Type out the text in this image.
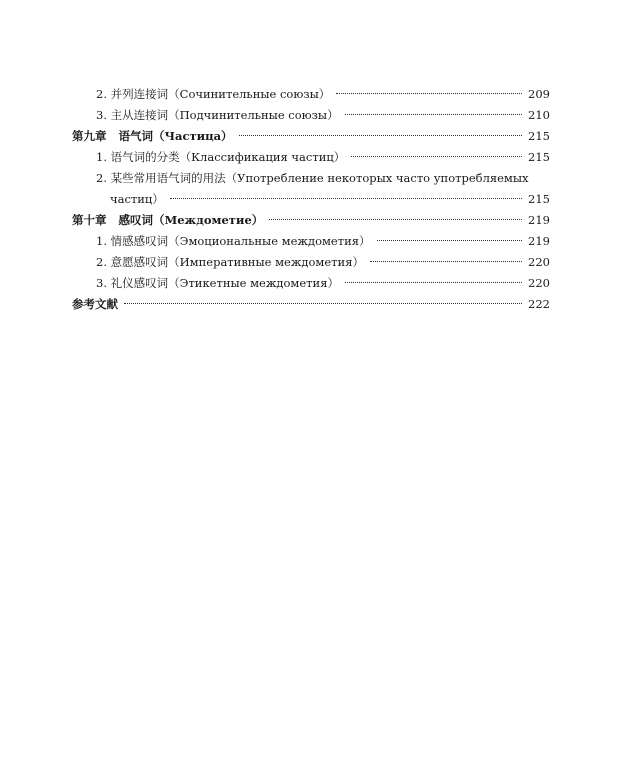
2. 并列连接词（Сочинительные союзы）	209
3. 主从连接词（Подчинительные союзы）	210
第九章 语气词（Частица）	215
1. 语气词的分类（Классификация частиц）	215
2. 某些常用语气词的用法（Употребление некоторых часто употребляемых
частиц）	215
第十章 感叹词（Междометие）	219
1. 情感感叹词（Эмоциональные междометия）	219
2. 意愿感叹词（Императивные междометия）	220
3. 礼仪感叹词（Этикетные междометия）	220
参考文献	222
